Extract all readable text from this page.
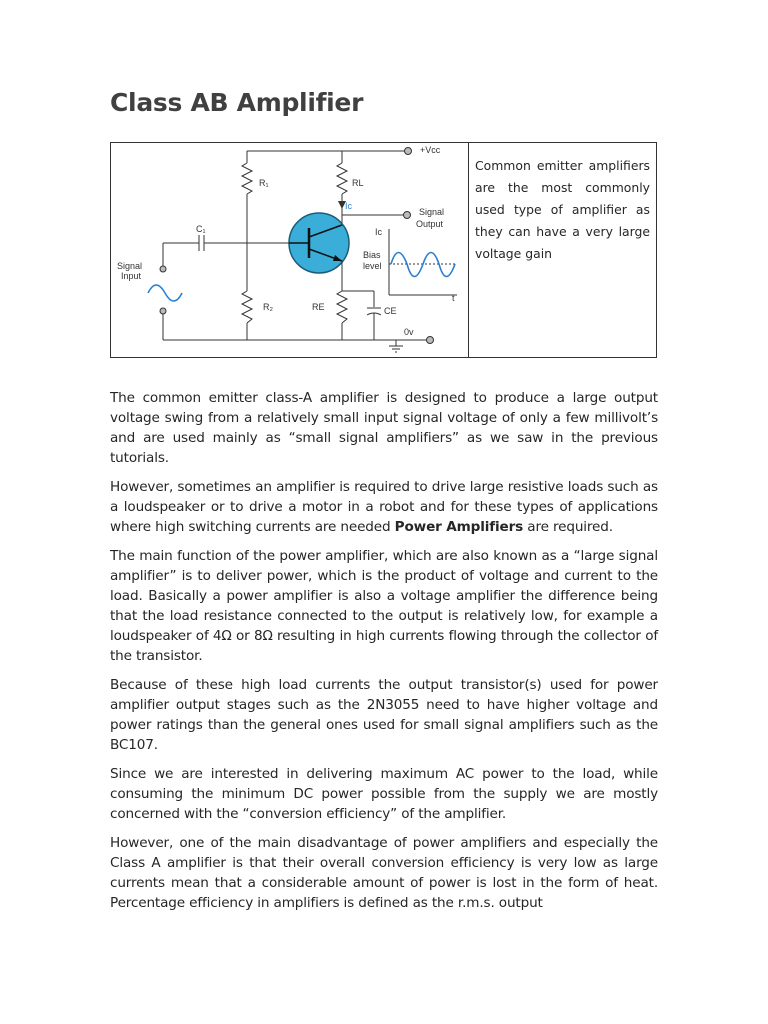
Class AB Amplifier
+Vcc
R₁	RL
Ic
C₁
Signal
Output
Signal
Input
Ic
Bias
level
R₂	RE	CE
0v
t
Common emitter amplifiers are the most commonly used type of amplifier as they can have a very large voltage gain

The common emitter class-A amplifier is designed to produce a large output voltage swing from a relatively small input signal voltage of only a few millivolt’s and are used mainly as “small signal amplifiers” as we saw in the previous tutorials.

However, sometimes an amplifier is required to drive large resistive loads such as a loudspeaker or to drive a motor in a robot and for these types of applications where high switching currents are needed Power Amplifiers are required.

The main function of the power amplifier, which are also known as a “large signal amplifier” is to deliver power, which is the product of voltage and current to the load. Basically a power amplifier is also a voltage amplifier the difference being that the load resistance connected to the output is relatively low, for example a loudspeaker of 4Ω or 8Ω resulting in high currents flowing through the collector of the transistor.

Because of these high load currents the output transistor(s) used for power amplifier output stages such as the 2N3055 need to have higher voltage and power ratings than the general ones used for small signal amplifiers such as the BC107.

Since we are interested in delivering maximum AC power to the load, while consuming the minimum DC power possible from the supply we are mostly concerned with the “conversion efficiency” of the amplifier.

However, one of the main disadvantage of power amplifiers and especially the Class A amplifier is that their overall conversion efficiency is very low as large currents mean that a considerable amount of power is lost in the form of heat. Percentage efficiency in amplifiers is defined as the r.m.s. output
